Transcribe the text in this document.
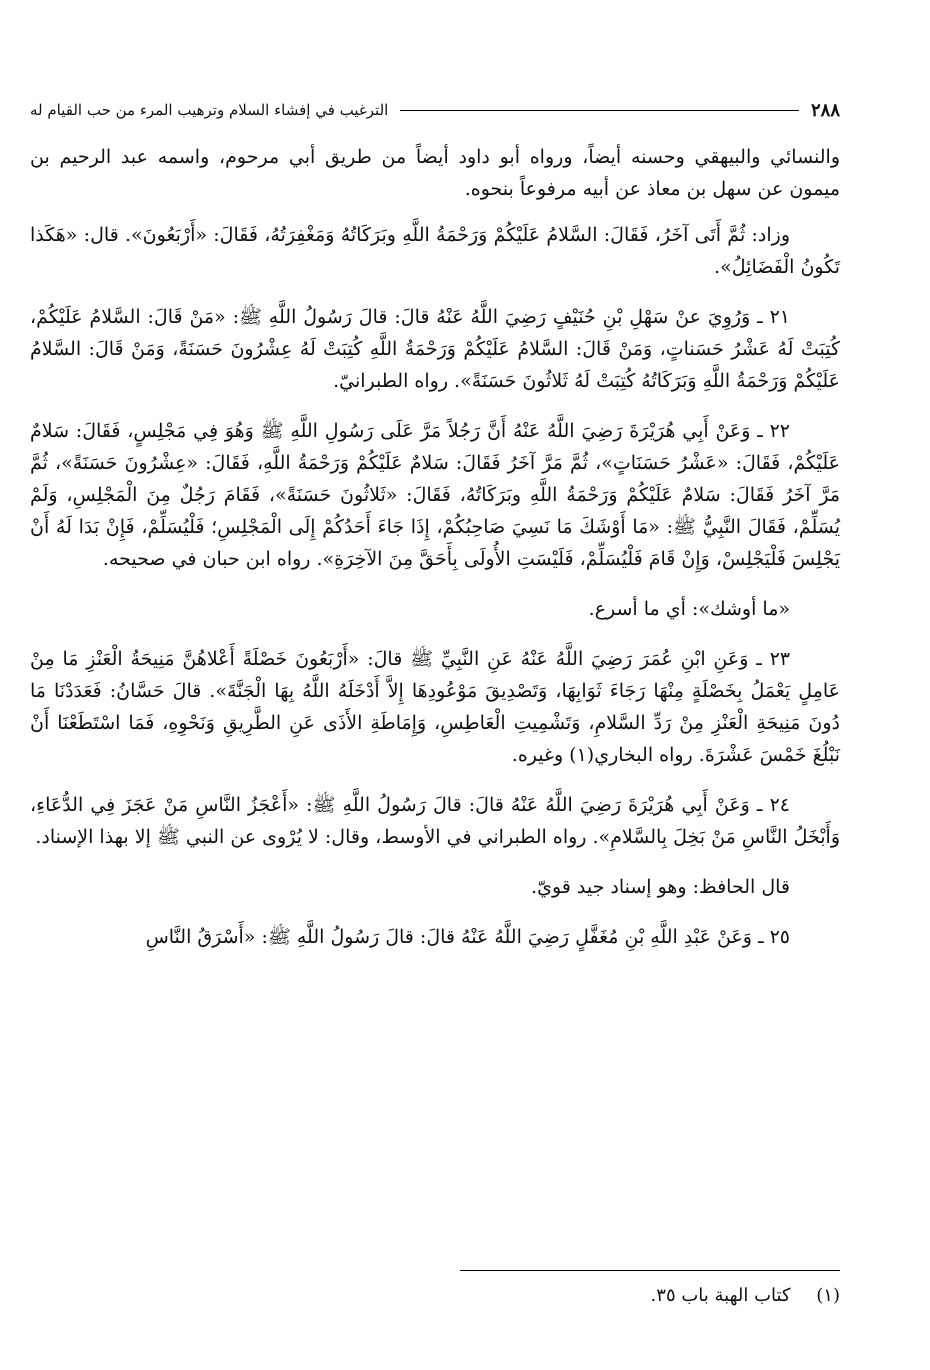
٢٨٨
الترغيب في إفشاء السلام وترهيب المرء من حب القيام له

والنسائي والبيهقي وحسنه أيضاً، ورواه أبو داود أيضاً من طريق أبي مرحوم، واسمه عبد الرحيم بن ميمون عن سهل بن معاذ عن أبيه مرفوعاً بنحوه.

وزاد: ثُمَّ أَتَى آخَرُ، فَقَالَ: السَّلامُ عَلَيْكُمْ وَرَحْمَةُ اللَّهِ وبَرَكَاتُهُ وَمَغْفِرَتُهُ، فَقَالَ: «أَرْبَعُونَ». قال: «هَكَذا تَكُونُ الْفَضَائِلُ».

٢١ ـ وَرُوِيَ عنْ سَهْلِ بْنِ حُنَيْفٍ رَضِيَ اللَّهُ عَنْهُ قالَ: قالَ رَسُولُ اللَّهِ ﷺ: «مَنْ قَالَ: السَّلامُ عَلَيْكُمْ، كُتِبَتْ لَهُ عَشْرُ حَسَناتٍ، وَمَنْ قَالَ: السَّلامُ عَلَيْكُمْ وَرَحْمَةُ اللَّهِ كُتِبَتْ لَهُ عِشْرُونَ حَسَنَةً، وَمَنْ قَالَ: السَّلامُ عَلَيْكُمْ وَرَحْمَةُ اللَّهِ وَبَرَكَاتُهُ كُتِبَتْ لَهُ ثَلاثُونَ حَسَنَةً». رواه الطبرانيّ.

٢٢ ـ وَعَنْ أَبِي هُرَيْرَةَ رَضِيَ اللَّهُ عَنْهُ أَنَّ رَجُلاً مَرَّ عَلَى رَسُولِ اللَّهِ ﷺ وَهُوَ فِي مَجْلِسٍ، فَقَالَ: سَلامٌ عَلَيْكُمْ، فَقَالَ: «عَشْرُ حَسَنَاتٍ»، ثُمَّ مَرَّ آخَرُ فَقَالَ: سَلامٌ عَلَيْكُمْ وَرَحْمَةُ اللَّهِ، فَقَالَ: «عِشْرُونَ حَسَنَةً»، ثُمَّ مَرَّ آخَرُ فَقَالَ: سَلامٌ عَلَيْكُمْ وَرَحْمَةُ اللَّهِ وبَرَكَاتُهُ، فَقَالَ: «ثَلاثُونَ حَسَنَةً»، فَقَامَ رَجُلٌ مِنَ الْمَجْلِسِ، وَلَمْ يُسَلِّمْ، فَقَالَ النَّبِيُّ ﷺ: «مَا أَوْشَكَ مَا نَسِيَ صَاحِبُكُمْ، إِذَا جَاءَ أَحَدُكُمْ إِلَى الْمَجْلِسِ؛ فَلْيُسَلِّمْ، فَإِنْ بَدَا لَهُ أَنْ يَجْلِسَ فَلْيَجْلِسْ، وَإِنْ قَامَ فَلْيُسَلِّمْ، فَلَيْسَتِ الأُولَى بِأَحَقَّ مِنَ الآخِرَةِ». رواه ابن حبان في صحيحه.

«ما أوشك»: أي ما أسرع.

٢٣ ـ وَعَنِ ابْنِ عُمَرَ رَضِيَ اللَّهُ عَنْهُ عَنِ النَّبِيِّ ﷺ قالَ: «أَرْبَعُونَ خَصْلَةً أَعْلاهُنَّ مَنِيحَةُ الْعَنْزِ مَا مِنْ عَامِلٍ يَعْمَلُ بِخَصْلَةٍ مِنْهَا رَجَاءَ ثَوَابِهَا، وَتَصْدِيقَ مَوْعُودِهَا إِلاَّ أَدْخَلَهُ اللَّهُ بِهَا الْجَنَّةَ». قالَ حَسَّانُ: فَعَدَدْنَا مَا دُونَ مَنِيحَةِ الْعَنْزِ مِنْ رَدِّ السَّلامِ، وَتَشْمِيتِ الْعَاطِسِ، وَإِمَاطَةِ الأَذَى عَنِ الطَّرِيقِ وَنَحْوِهِ، فَمَا اسْتَطَعْنَا أَنْ نَبْلُغَ خَمْسَ عَشْرَةَ. رواه البخاري(١) وغيره.

٢٤ ـ وَعَنْ أَبِي هُرَيْرَةَ رَضِيَ اللَّهُ عَنْهُ قالَ: قالَ رَسُولُ اللَّهِ ﷺ: «أَعْجَزُ النَّاسِ مَنْ عَجَزَ فِي الدُّعَاءِ، وَأَبْخَلُ النَّاسِ مَنْ بَخِلَ بِالسَّلامِ». رواه الطبراني في الأوسط، وقال: لا يُرْوى عن النبي ﷺ إلا بهذا الإسناد.

قال الحافظ: وهو إسناد جيد قويّ.

٢٥ ـ وَعَنْ عَبْدِ اللَّهِ بْنِ مُغَفَّلٍ رَضِيَ اللَّهُ عَنْهُ قالَ: قالَ رَسُولُ اللَّهِ ﷺ: «أَسْرَقُ النَّاسِ

(١) كتاب الهبة باب ٣٥.
